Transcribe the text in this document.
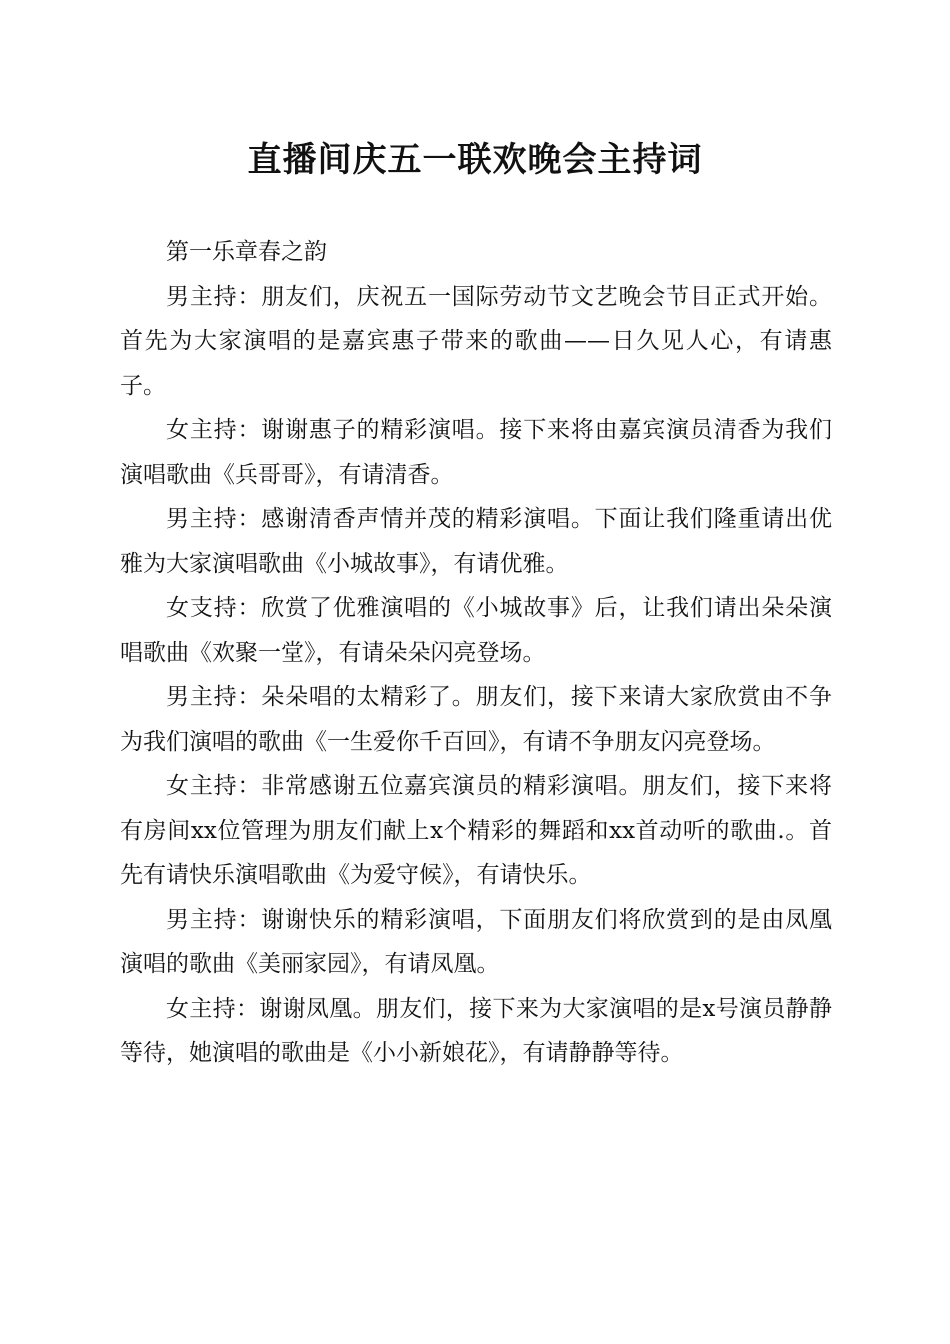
直播间庆五一联欢晚会主持词

第一乐章春之韵

男主持：朋友们，庆祝五一国际劳动节文艺晚会节目正式开始。首先为大家演唱的是嘉宾惠子带来的歌曲——日久见人心，有请惠子。

女主持：谢谢惠子的精彩演唱。接下来将由嘉宾演员清香为我们演唱歌曲《兵哥哥》，有请清香。

男主持：感谢清香声情并茂的精彩演唱。下面让我们隆重请出优雅为大家演唱歌曲《小城故事》，有请优雅。

女支持：欣赏了优雅演唱的《小城故事》后，让我们请出朵朵演唱歌曲《欢聚一堂》，有请朵朵闪亮登场。

男主持：朵朵唱的太精彩了。朋友们，接下来请大家欣赏由不争为我们演唱的歌曲《一生爱你千百回》，有请不争朋友闪亮登场。

女主持：非常感谢五位嘉宾演员的精彩演唱。朋友们，接下来将有房间xx位管理为朋友们献上x个精彩的舞蹈和xx首动听的歌曲.。首先有请快乐演唱歌曲《为爱守候》，有请快乐。

男主持：谢谢快乐的精彩演唱，下面朋友们将欣赏到的是由凤凰演唱的歌曲《美丽家园》，有请凤凰。

女主持：谢谢凤凰。朋友们，接下来为大家演唱的是x号演员静静等待，她演唱的歌曲是《小小新娘花》，有请静静等待。
